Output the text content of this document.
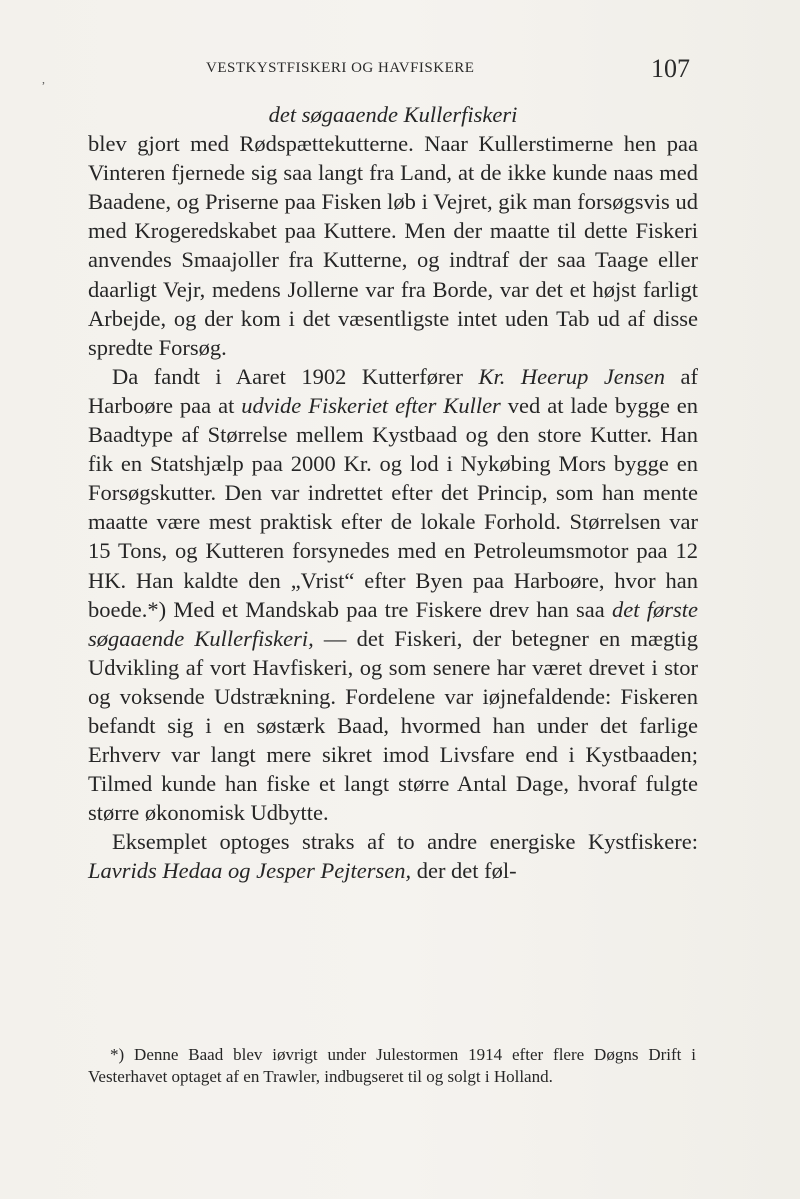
,
VESTKYSTFISKERI OG HAVFISKERE	107

det søgaaende Kullerfiskeri

blev gjort med Rødspættekutterne. Naar Kullerstimerne hen paa Vinteren fjernede sig saa langt fra Land, at de ikke kunde naas med Baadene, og Priserne paa Fisken løb i Vejret, gik man forsøgsvis ud med Krogeredskabet paa Kuttere. Men der maatte til dette Fiskeri anvendes Smaajoller fra Kutterne, og indtraf der saa Taage eller daarligt Vejr, medens Jollerne var fra Borde, var det et højst farligt Arbejde, og der kom i det væsentligste intet uden Tab ud af disse spredte Forsøg.

Da fandt i Aaret 1902 Kutterfører Kr. Heerup Jensen af Harboøre paa at udvide Fiskeriet efter Kuller ved at lade bygge en Baadtype af Størrelse mellem Kystbaad og den store Kutter. Han fik en Statshjælp paa 2000 Kr. og lod i Nykøbing Mors bygge en Forsøgskutter. Den var indrettet efter det Princip, som han mente maatte være mest praktisk efter de lokale Forhold. Størrelsen var 15 Tons, og Kutteren forsynedes med en Petroleumsmotor paa 12 HK. Han kaldte den „Vrist“ efter Byen paa Harboøre, hvor han boede.*) Med et Mandskab paa tre Fiskere drev han saa det første søgaaende Kullerfiskeri, — det Fiskeri, der betegner en mægtig Udvikling af vort Havfiskeri, og som senere har været drevet i stor og voksende Udstrækning. Fordelene var iøjnefaldende: Fiskeren befandt sig i en søstærk Baad, hvormed han under det farlige Erhverv var langt mere sikret imod Livsfare end i Kystbaaden; Tilmed kunde han fiske et langt større Antal Dage, hvoraf fulgte større økonomisk Udbytte.

Eksemplet optoges straks af to andre energiske Kystfiskere: Lavrids Hedaa og Jesper Pejtersen, der det føl-

*) Denne Baad blev iøvrigt under Julestormen 1914 efter flere Døgns Drift i Vesterhavet optaget af en Trawler, indbugseret til og solgt i Holland.
